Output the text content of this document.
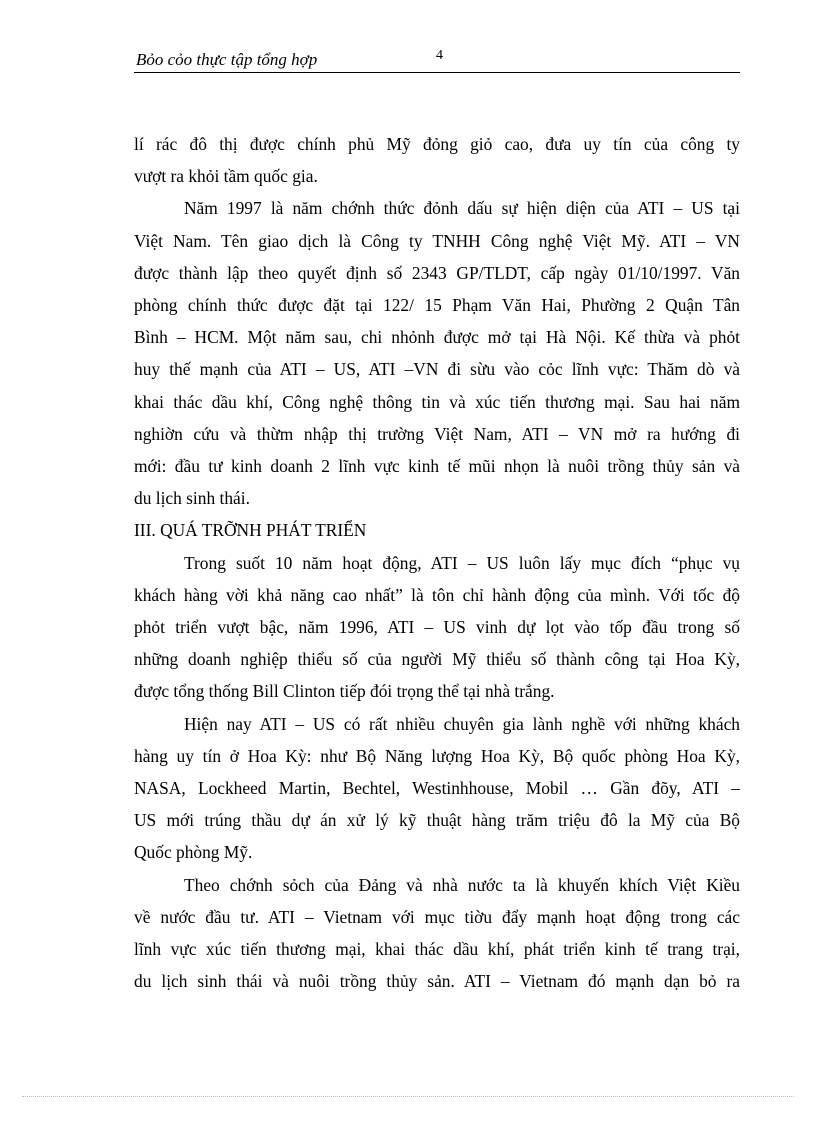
Bỏo cỏo thực tập tổng hợp	4
lí rác đô thị được chính phủ Mỹ đỏng giỏ cao, đưa uy tín của công ty
vượt ra khỏi tầm quốc gia.
Năm 1997 là năm chớnh thức đỏnh dấu sự hiện diện của ATI – US tại
Việt Nam. Tên giao dịch là Công ty TNHH Công nghệ Việt Mỹ. ATI – VN
được thành lập theo quyết định số 2343 GP/TLDT, cấp ngày 01/10/1997. Văn
phòng chính thức được đặt tại 122/ 15 Phạm Văn Hai, Phường 2 Quận Tân
Bình – HCM. Một năm sau, chi nhỏnh được mở tại Hà Nội. Kế thừa và phỏt
huy thế mạnh của ATI – US, ATI –VN đi sừu vào cỏc lĩnh vực: Thăm dò và
khai thác dầu khí, Công nghệ thông tin và xúc tiến thương mại. Sau hai năm
nghiờn cứu và thừm nhập thị trường Việt Nam, ATI – VN mở ra hướng đi
mới: đầu tư kinh doanh 2 lĩnh vực kinh tế mũi nhọn là nuôi trồng thủy sản và
du lịch sinh thái.
III. QUÁ TRỠNH PHÁT TRIỂN
Trong suốt 10 năm hoạt động, ATI – US luôn lấy mục đích “phục vụ
khách hàng vời khả năng cao nhất” là tôn chỉ hành động của mình. Với tốc độ
phỏt triển vượt bậc, năm 1996, ATI – US vinh dự lọt vào tốp đầu trong số
những doanh nghiệp thiểu số của người Mỹ thiểu số thành công tại Hoa Kỳ,
được tổng thống Bill Clinton tiếp đói trọng thể tại nhà trắng.
Hiện nay ATI – US có rất nhiều chuyên gia lành nghề với những khách
hàng uy tín ở Hoa Kỳ: như Bộ Năng lượng Hoa Kỳ, Bộ quốc phòng Hoa Kỳ,
NASA, Lockheed Martin, Bechtel, Westinhhouse, Mobil … Gần đõy, ATI –
US mới trúng thầu dự án xử lý kỹ thuật hàng trăm triệu đô la Mỹ của Bộ
Quốc phòng Mỹ.
Theo chớnh sỏch của Đảng và nhà nước ta là khuyến khích Việt Kiều
về nước đầu tư. ATI – Vietnam với mục tiờu đẩy mạnh hoạt động trong các
lĩnh vực xúc tiến thương mại, khai thác dầu khí, phát triển kinh tế trang trại,
du lịch sinh thái và nuôi trồng thủy sản. ATI – Vietnam đó mạnh dạn bỏ ra
